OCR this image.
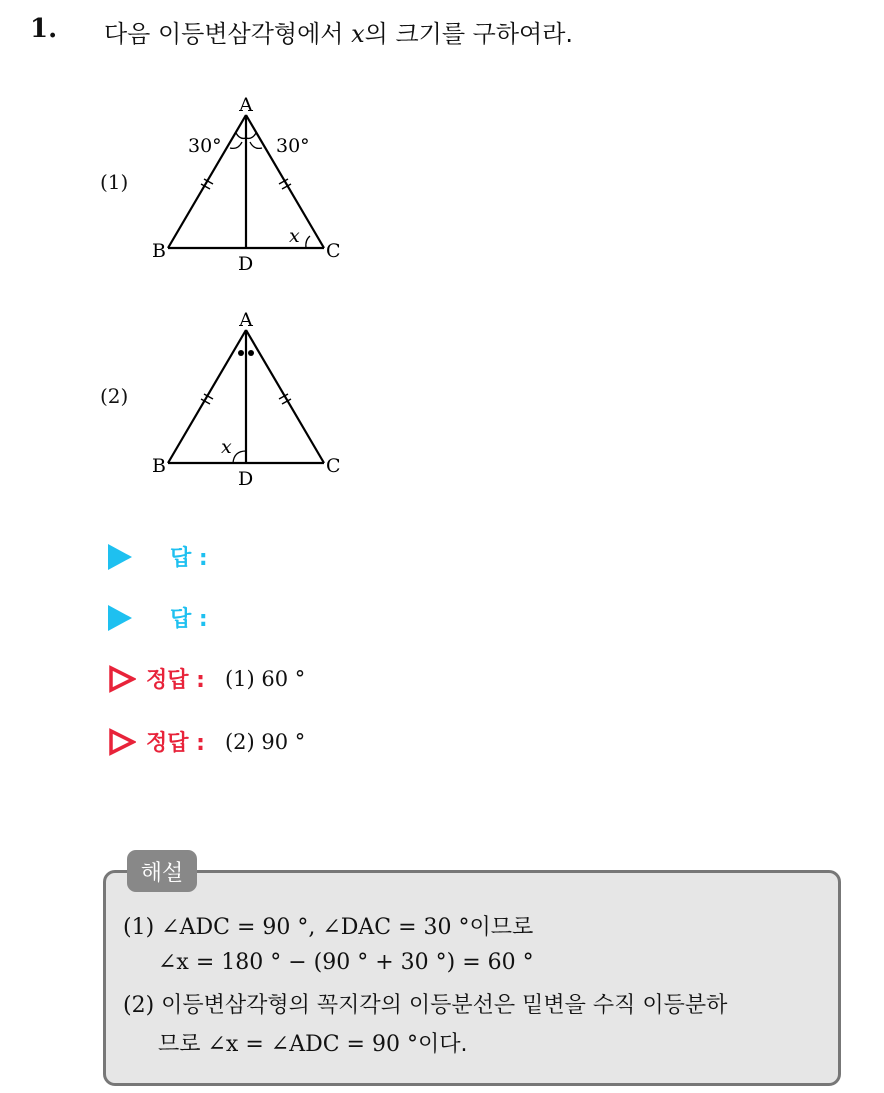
1. 다음 이등변삼각형에서 x의 크기를 구하여라.
(1)
A
B	C
D
30°	30°
x
(2)
A
B	C
D
x
답 :
답 :
정답 : (1) 60 °
정답 : (2) 90 °
해설
(1) ∠ADC = 90 °, ∠DAC = 30 °이므로
∠x = 180 ° − (90 ° + 30 °) = 60 °
(2) 이등변삼각형의 꼭지각의 이등분선은 밑변을 수직 이등분하
므로 ∠x = ∠ADC = 90 °이다.
